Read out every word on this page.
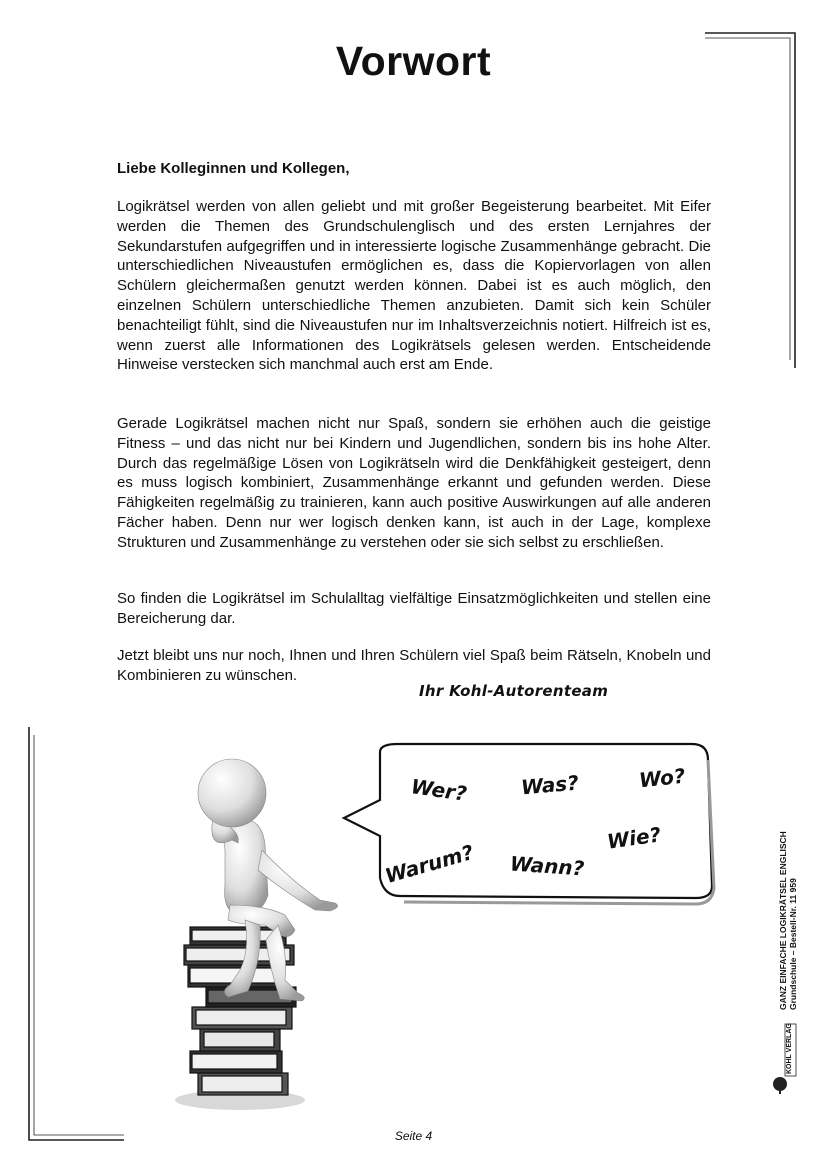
Vorwort
Liebe Kolleginnen und Kollegen,

Logikrätsel werden von allen geliebt und mit großer Begeisterung bearbeitet. Mit Eifer werden die Themen des Grundschulenglisch und des ersten Lernjahres der Sekundarstufen aufgegriffen und in interessierte logische Zusammenhänge gebracht. Die unterschiedlichen Niveaustufen ermöglichen es, dass die Kopiervorlagen von allen Schülern gleichermaßen genutzt werden können. Dabei ist es auch möglich, den einzelnen Schülern unterschiedliche Themen anzubieten. Damit sich kein Schüler benachteiligt fühlt, sind die Niveaustufen nur im Inhaltsverzeichnis notiert. Hilfreich ist es, wenn zuerst alle Informationen des Logikrätsels gelesen werden. Entscheidende Hinweise verstecken sich manchmal auch erst am Ende.

Gerade Logikrätsel machen nicht nur Spaß, sondern sie erhöhen auch die geistige Fitness – und das nicht nur bei Kindern und Jugendlichen, sondern bis ins hohe Alter. Durch das regelmäßige Lösen von Logikrätseln wird die Denkfähigkeit gesteigert, denn es muss logisch kombiniert, Zusammenhänge erkannt und gefunden werden. Diese Fähigkeiten regelmäßig zu trainieren, kann auch positive Auswirkungen auf alle anderen Fächer haben. Denn nur wer logisch denken kann, ist auch in der Lage, komplexe Strukturen und Zusammenhänge zu verstehen oder sie sich selbst zu erschließen.

So finden die Logikrätsel im Schulalltag vielfältige Einsatzmöglichkeiten und stellen eine Bereicherung dar.

Jetzt bleibt uns nur noch, Ihnen und Ihren Schülern viel Spaß beim Rätseln, Knobeln und Kombinieren zu wünschen.

Ihr Kohl-Autorenteam
Wer?	Was?	Wo?
Warum? Wann?
Wie?	GANZ EINFACHE LOGIKRÄTSEL ENGLISCH Grundschule – Bestell-Nr. 11 959
KOHL VERLAG
Seite 4
